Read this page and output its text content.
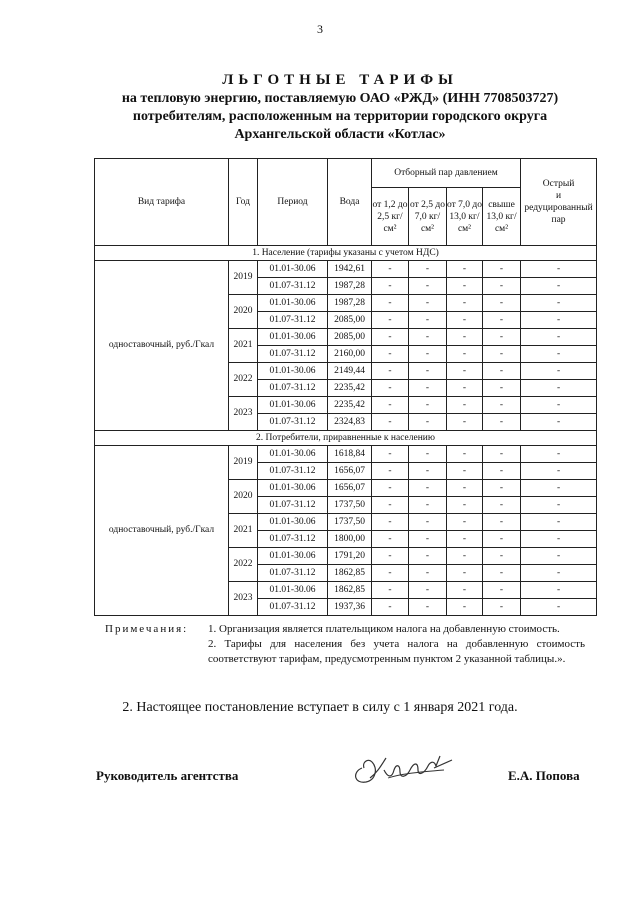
3
ЛЬГОТНЫЕ ТАРИФЫ
на тепловую энергию, поставляемую ОАО «РЖД» (ИНН 7708503727)
потребителям, расположенным на территории городского округа
Архангельской области «Котлас»
Вид тарифа	Год	Период	Вода	Отборный пар давлением				Острый
и
редуцированный
пар

				от 1,2 до 2,5 кг/см²	от 2,5 до 7,0 кг/см²	от 7,0 до 13,0 кг/см²	свыше 13,0 кг/см²	
1. Население (тарифы указаны с учетом НДС)								
одноставочный, руб./Гкал	2019	01.01-30.06	1942,61	-	-	-	-	-
		01.07-31.12	1987,28	-	-	-	-	-
	2020	01.01-30.06	1987,28	-	-	-	-	-
		01.07-31.12	2085,00	-	-	-	-	-
	2021	01.01-30.06	2085,00	-	-	-	-	-
		01.07-31.12	2160,00	-	-	-	-	-
	2022	01.01-30.06	2149,44	-	-	-	-	-
		01.07-31.12	2235,42	-	-	-	-	-
	2023	01.01-30.06	2235,42	-	-	-	-	-
		01.07-31.12	2324,83	-	-	-	-	-
2. Потребители, приравненные к населению								
одноставочный, руб./Гкал	2019	01.01-30.06	1618,84	-	-	-	-	-
		01.07-31.12	1656,07	-	-	-	-	-
	2020	01.01-30.06	1656,07	-	-	-	-	-
		01.07-31.12	1737,50	-	-	-	-	-
	2021	01.01-30.06	1737,50	-	-	-	-	-
		01.07-31.12	1800,00	-	-	-	-	-
	2022	01.01-30.06	1791,20	-	-	-	-	-
		01.07-31.12	1862,85	-	-	-	-	-
	2023	01.01-30.06	1862,85	-	-	-	-	-
		01.07-31.12	1937,36	-	-	-	-	-
Примечания: 1. Организация является плательщиком налога на добавленную стоимость.

2. Тарифы для населения без учета налога на добавленную стоимость соответствуют тарифам, предусмотренным пунктом 2 указанной таблицы.».

2. Настоящее постановление вступает в силу с 1 января 2021 года.
Руководитель агентства	Е.А. Попова
